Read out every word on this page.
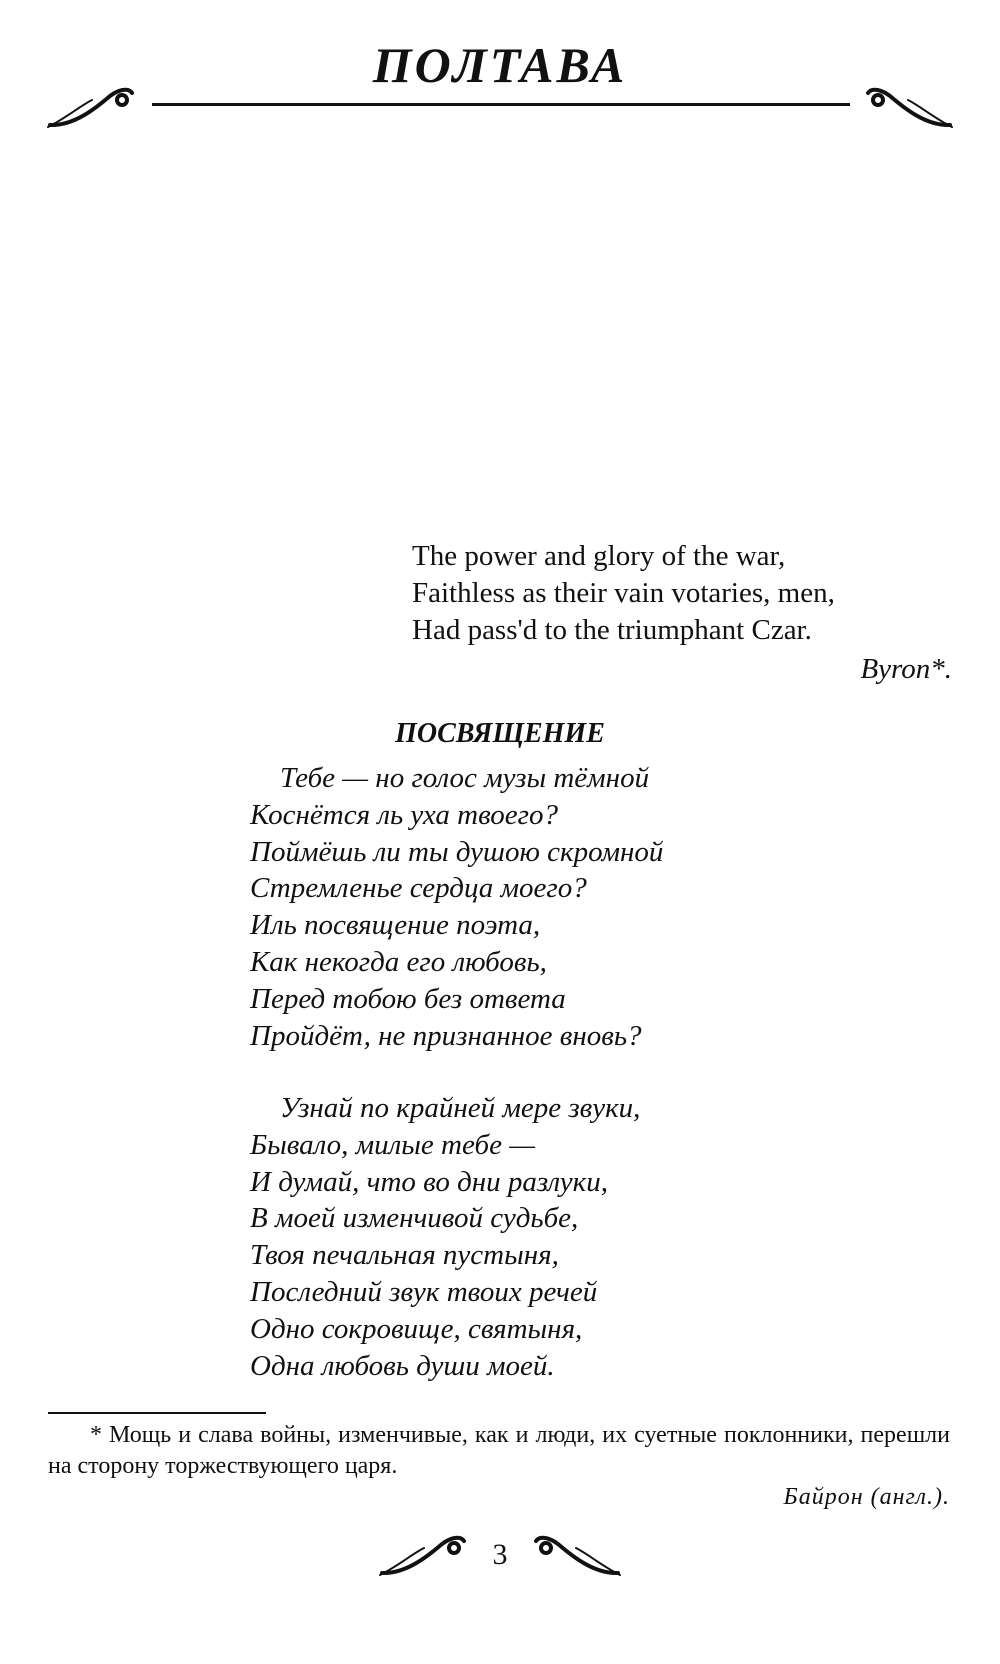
ПОЛТАВА
The power and glory of the war,
Faithless as their vain votaries, men,
Had pass'd to the triumphant Czar.
Byron*.
ПОСВЯЩЕНИЕ
Тебе — но голос музы тёмной
Коснётся ль уха твоего?
Поймёшь ли ты душою скромной
Стремленье сердца моего?
Иль посвящение поэта,
Как некогда его любовь,
Перед тобою без ответа
Пройдёт, не признанное вновь?
Узнай по крайней мере звуки,
Бывало, милые тебе —
И думай, что во дни разлуки,
В моей изменчивой судьбе,
Твоя печальная пустыня,
Последний звук твоих речей
Одно сокровище, святыня,
Одна любовь души моей.
* Мощь и слава войны, изменчивые, как и люди, их суетные поклонники, перешли на сторону торжествующего царя.
Байрон (англ.).
3
